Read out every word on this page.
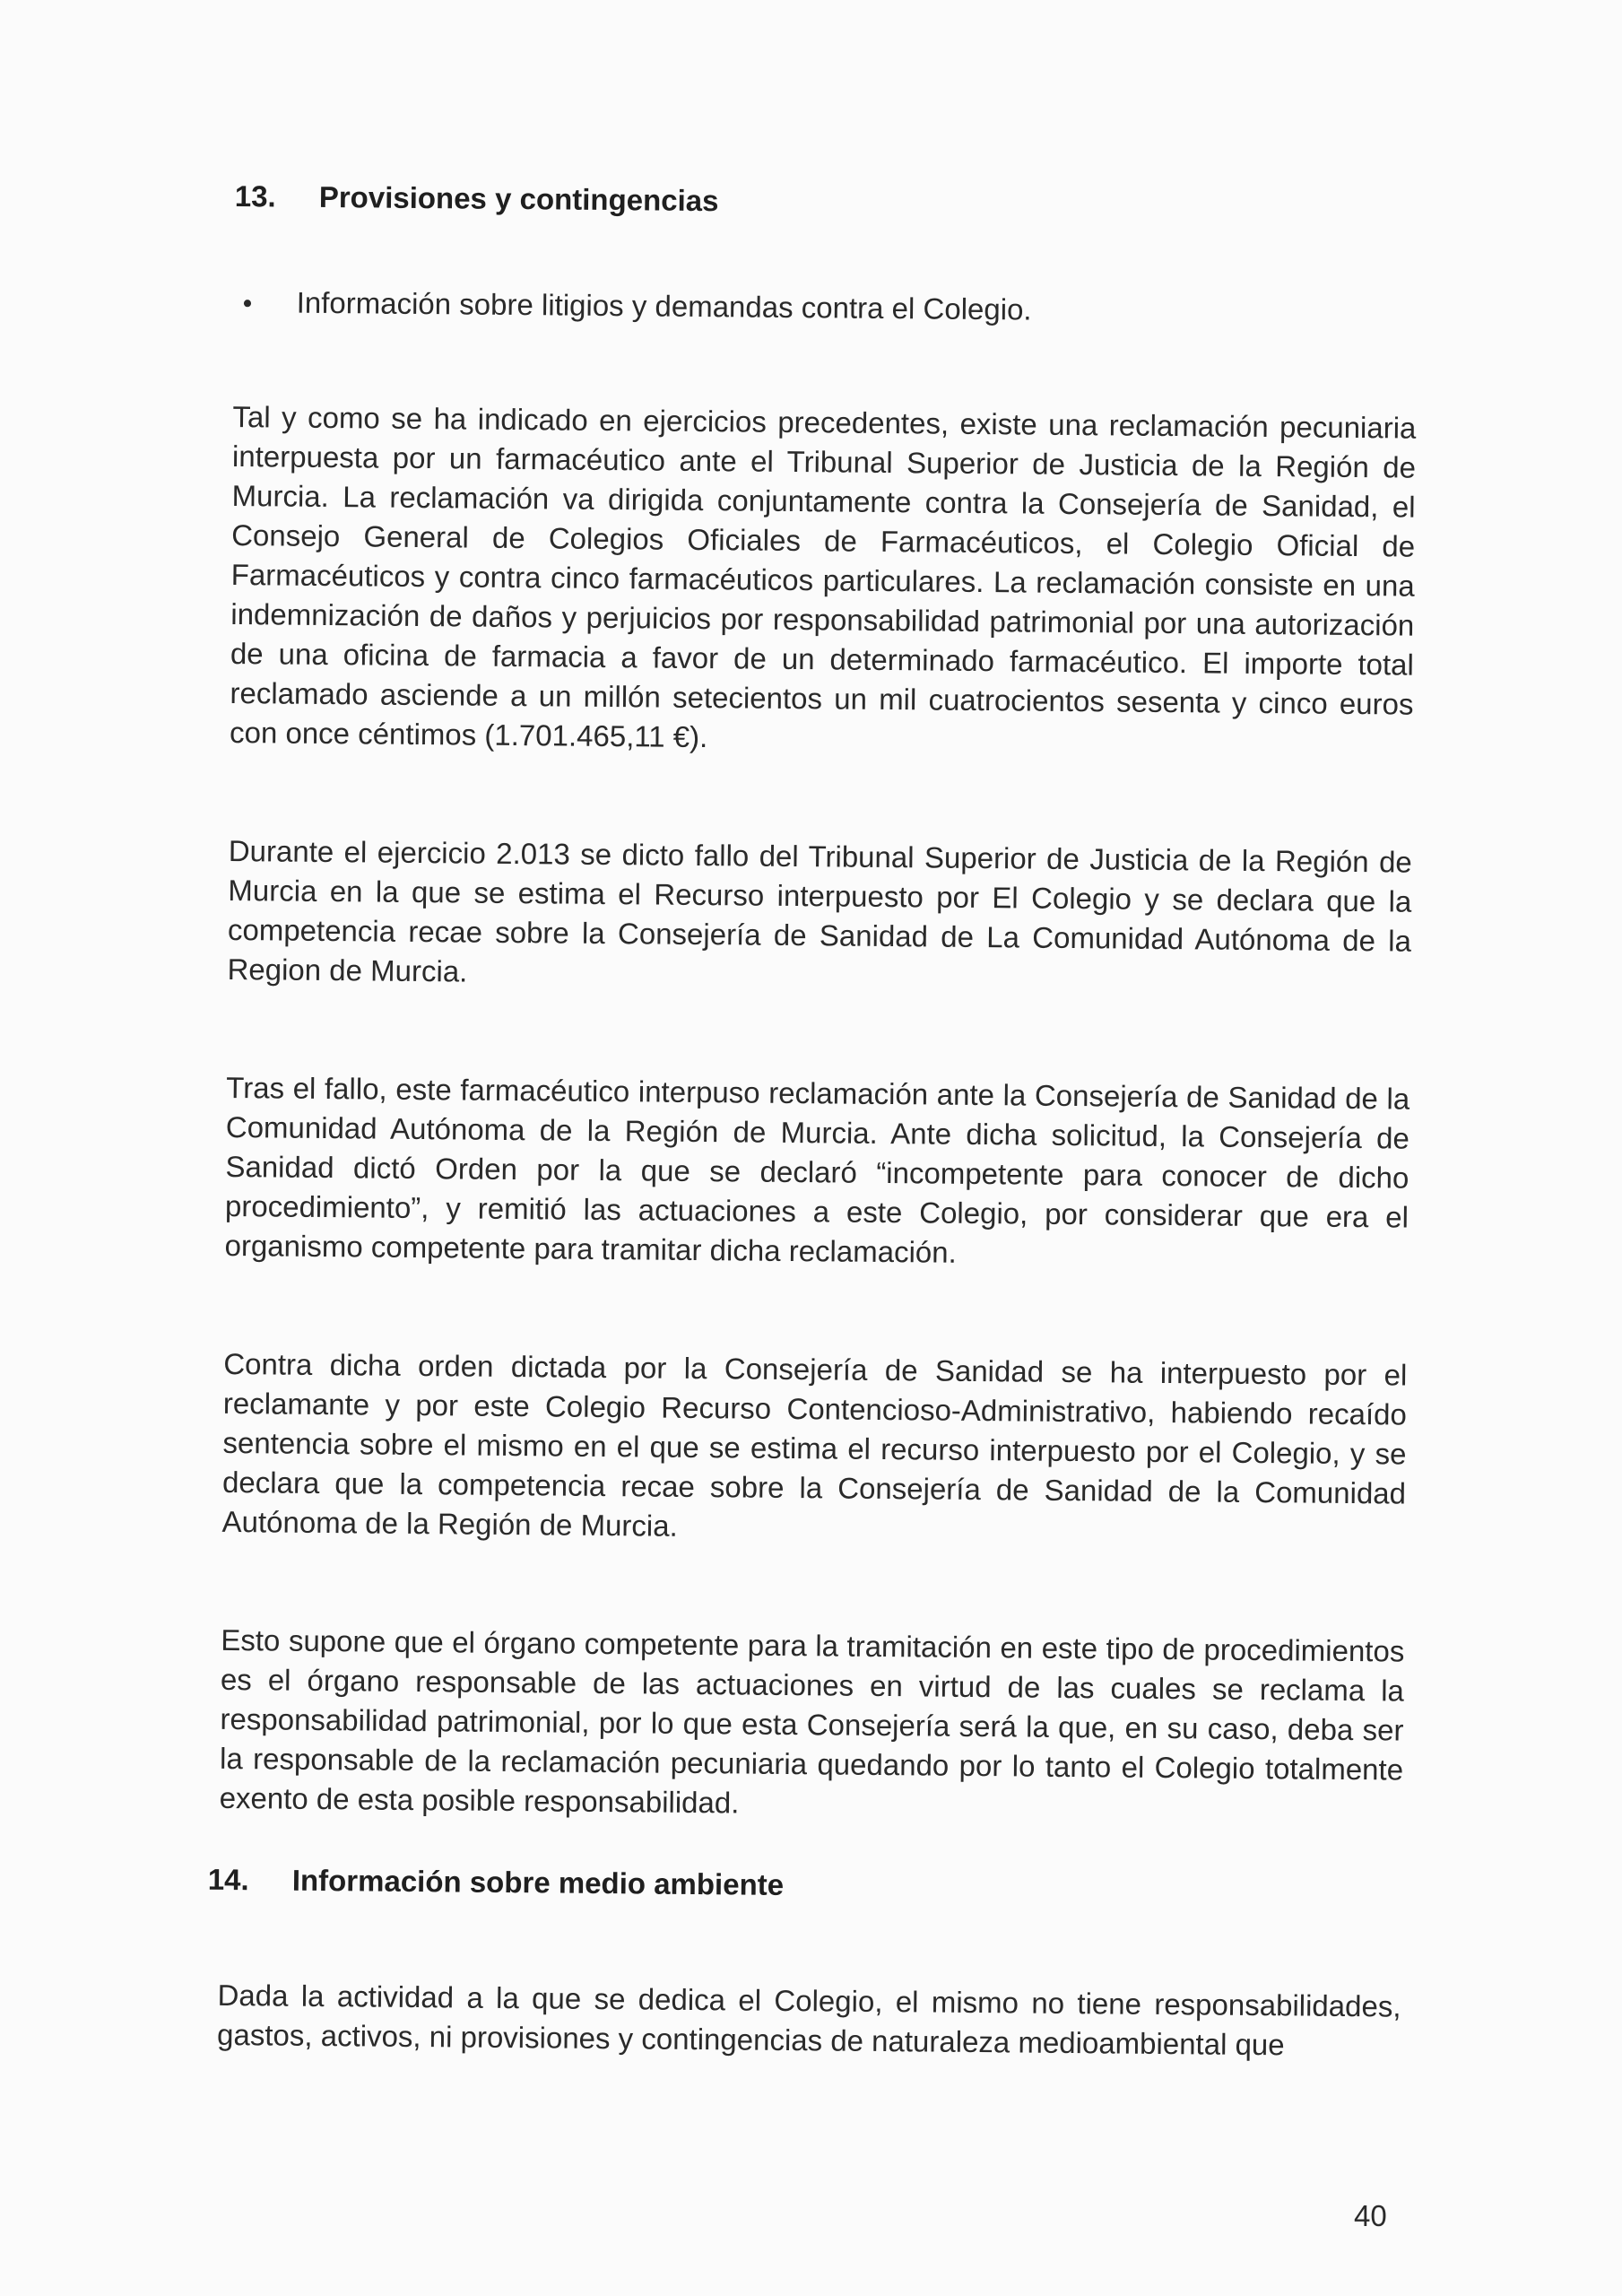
13.	Provisiones y contingencias
•	Información sobre litigios y demandas contra el Colegio.

Tal y como se ha indicado en ejercicios precedentes, existe una reclamación pecuniaria interpuesta por un farmacéutico ante el Tribunal Superior de Justicia de la Región de Murcia. La reclamación va dirigida conjuntamente contra la Consejería de Sanidad, el Consejo General de Colegios Oficiales de Farmacéuticos, el Colegio Oficial de Farmacéuticos y contra cinco farmacéuticos particulares. La reclamación consiste en una indemnización de daños y perjuicios por responsabilidad patrimonial por una autorización de una oficina de farmacia a favor de un determinado farmacéutico. El importe total reclamado asciende a un millón setecientos un mil cuatrocientos sesenta y cinco euros con once céntimos (1.701.465,11 €).

Durante el ejercicio 2.013 se dicto fallo del Tribunal Superior de Justicia de la Región de Murcia en la que se estima el Recurso interpuesto por El Colegio y se declara que la competencia recae sobre la Consejería de Sanidad de La Comunidad Autónoma de la Region de Murcia.

Tras el fallo, este farmacéutico interpuso reclamación ante la Consejería de Sanidad de la Comunidad Autónoma de la Región de Murcia. Ante dicha solicitud, la Consejería de Sanidad dictó Orden por la que se declaró “incompetente para conocer de dicho procedimiento”, y remitió las actuaciones a este Colegio, por considerar que era el organismo competente para tramitar dicha reclamación.

Contra dicha orden dictada por la Consejería de Sanidad se ha interpuesto por el reclamante y por este Colegio Recurso Contencioso-Administrativo, habiendo recaído sentencia sobre el mismo en el que se estima el recurso interpuesto por el Colegio, y se declara que la competencia recae sobre la Consejería de Sanidad de la Comunidad Autónoma de la Región de Murcia.

Esto supone que el órgano competente para la tramitación en este tipo de procedimientos es el órgano responsable de las actuaciones en virtud de las cuales se reclama la responsabilidad patrimonial, por lo que esta Consejería será la que, en su caso, deba ser la responsable de la reclamación pecuniaria quedando por lo tanto el Colegio totalmente exento de esta posible responsabilidad.

14.	Información sobre medio ambiente

Dada la actividad a la que se dedica el Colegio, el mismo no tiene responsabilidades, gastos, activos, ni provisiones y contingencias de naturaleza medioambiental que

40
